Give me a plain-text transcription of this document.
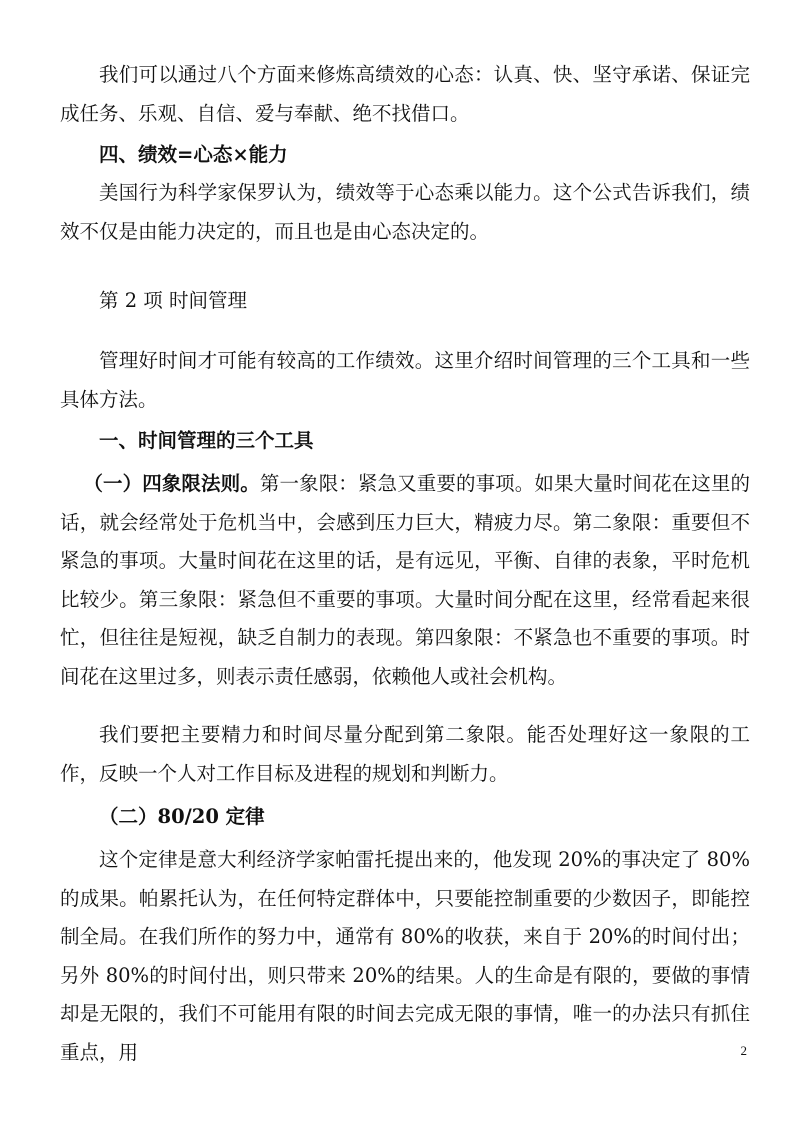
我们可以通过八个方面来修炼高绩效的心态：认真、快、坚守承诺、保证完成任务、乐观、自信、爱与奉献、绝不找借口。

四、绩效=心态×能力

美国行为科学家保罗认为，绩效等于心态乘以能力。这个公式告诉我们，绩效不仅是由能力决定的，而且也是由心态决定的。

第 2 项 时间管理

管理好时间才可能有较高的工作绩效。这里介绍时间管理的三个工具和一些具体方法。

一、时间管理的三个工具

（一）四象限法则。第一象限：紧急又重要的事项。如果大量时间花在这里的话，就会经常处于危机当中，会感到压力巨大，精疲力尽。第二象限：重要但不紧急的事项。大量时间花在这里的话，是有远见，平衡、自律的表象，平时危机比较少。第三象限：紧急但不重要的事项。大量时间分配在这里，经常看起来很忙，但往往是短视，缺乏自制力的表现。第四象限：不紧急也不重要的事项。时间花在这里过多，则表示责任感弱，依赖他人或社会机构。

我们要把主要精力和时间尽量分配到第二象限。能否处理好这一象限的工作，反映一个人对工作目标及进程的规划和判断力。

（二）80/20 定律

这个定律是意大利经济学家帕雷托提出来的，他发现 20%的事决定了 80%的成果。帕累托认为，在任何特定群体中，只要能控制重要的少数因子，即能控制全局。在我们所作的努力中，通常有 80%的收获，来自于 20%的时间付出；另外 80%的时间付出，则只带来 20%的结果。人的生命是有限的，要做的事情却是无限的，我们不可能用有限的时间去完成无限的事情，唯一的办法只有抓住重点，用	2
